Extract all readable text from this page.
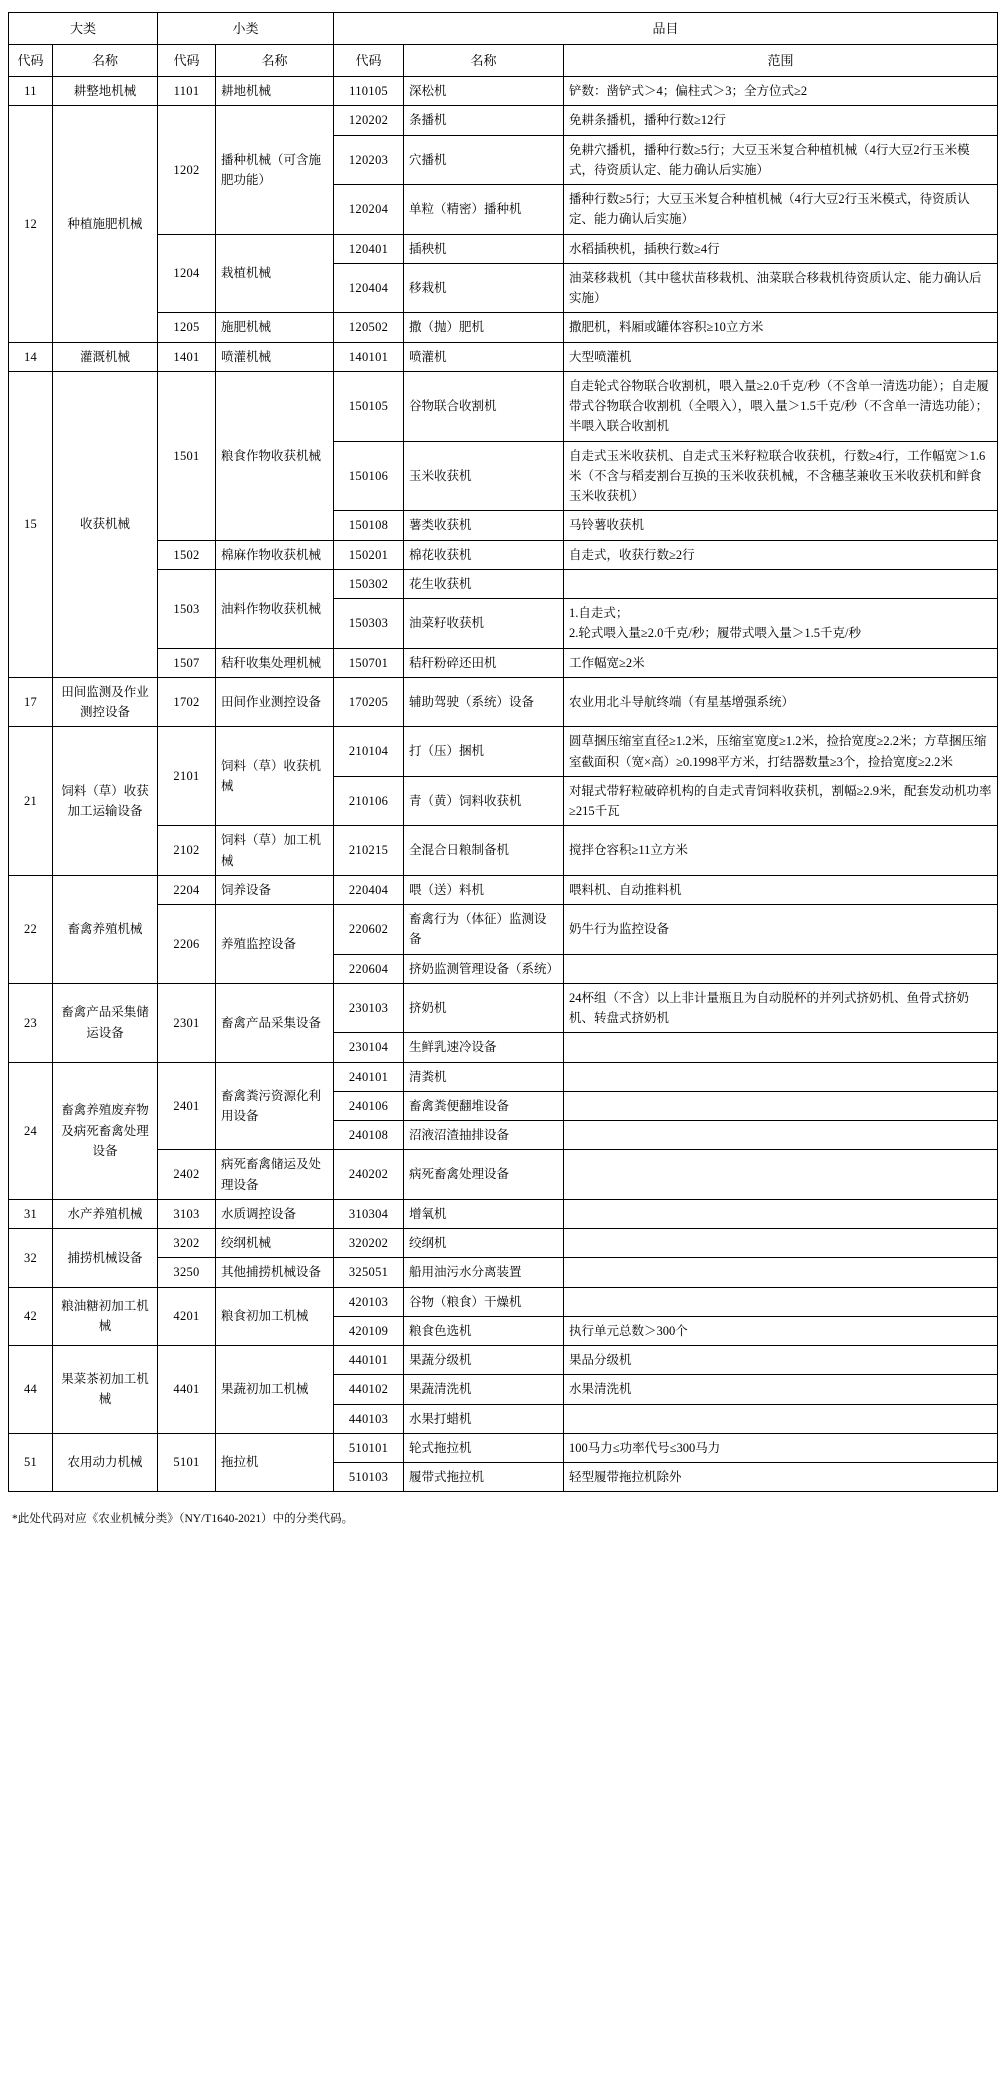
大类		小类		品目		
代码	名称	代码	名称	代码	名称	范围
11	耕整地机械	1101	耕地机械	110105	深松机	铲数：凿铲式＞4；偏柱式＞3；全方位式≥2
12	种植施肥机械	1202	播种机械（可含施肥功能）	120202	条播机	免耕条播机，播种行数≥12行
				120203	穴播机	免耕穴播机，播种行数≥5行；大豆玉米复合种植机械（4行大豆2行玉米模式，待资质认定、能力确认后实施）
				120204	单粒（精密）播种机	播种行数≥5行；大豆玉米复合种植机械（4行大豆2行玉米模式，待资质认定、能力确认后实施）
		1204	栽植机械	120401	插秧机	水稻插秧机，插秧行数≥4行
				120404	移栽机	油菜移栽机（其中毯状苗移栽机、油菜联合移栽机待资质认定、能力确认后实施）
		1205	施肥机械	120502	撒（抛）肥机	撒肥机，料厢或罐体容积≥10立方米
14	灌溉机械	1401	喷灌机械	140101	喷灌机	大型喷灌机
15	收获机械	1501	粮食作物收获机械	150105	谷物联合收割机	自走轮式谷物联合收割机，喂入量≥2.0千克/秒（不含单一清选功能）；自走履带式谷物联合收割机（全喂入），喂入量＞1.5千克/秒（不含单一清选功能）；半喂入联合收割机
				150106	玉米收获机	自走式玉米收获机、自走式玉米籽粒联合收获机，行数≥4行，工作幅宽＞1.6米（不含与稻麦割台互换的玉米收获机械，不含穗茎兼收玉米收获机和鲜食玉米收获机）
				150108	薯类收获机	马铃薯收获机
		1502	棉麻作物收获机械	150201	棉花收获机	自走式，收获行数≥2行
		1503	油料作物收获机械	150302	花生收获机	
				150303	油菜籽收获机	1.自走式；
2.轮式喂入量≥2.0千克/秒；履带式喂入量＞1.5千克/秒
		1507	秸秆收集处理机械	150701	秸秆粉碎还田机	工作幅宽≥2米
17	田间监测及作业测控设备	1702	田间作业测控设备	170205	辅助驾驶（系统）设备	农业用北斗导航终端（有星基增强系统）
21	饲料（草）收获加工运输设备	2101	饲料（草）收获机械	210104	打（压）捆机	圆草捆压缩室直径≥1.2米，压缩室宽度≥1.2米，捡拾宽度≥2.2米；方草捆压缩室截面积（宽×高）≥0.1998平方米，打结器数量≥3个，捡拾宽度≥2.2米
				210106	青（黄）饲料收获机	对辊式带籽粒破碎机构的自走式青饲料收获机，割幅≥2.9米，配套发动机功率≥215千瓦
		2102	饲料（草）加工机械	210215	全混合日粮制备机	搅拌仓容积≥11立方米
22	畜禽养殖机械	2204	饲养设备	220404	喂（送）料机	喂料机、自动推料机
		2206	养殖监控设备	220602	畜禽行为（体征）监测设备	奶牛行为监控设备
				220604	挤奶监测管理设备（系统）	
23	畜禽产品采集储运设备	2301	畜禽产品采集设备	230103	挤奶机	24杯组（不含）以上非计量瓶且为自动脱杯的并列式挤奶机、鱼骨式挤奶机、转盘式挤奶机
				230104	生鲜乳速冷设备	
24	畜禽养殖废弃物及病死畜禽处理设备	2401	畜禽粪污资源化利用设备	240101	清粪机	
				240106	畜禽粪便翻堆设备	
				240108	沼液沼渣抽排设备	
		2402	病死畜禽储运及处理设备	240202	病死畜禽处理设备	
31	水产养殖机械	3103	水质调控设备	310304	增氧机	
32	捕捞机械设备	3202	绞纲机械	320202	绞纲机	
		3250	其他捕捞机械设备	325051	船用油污水分离装置	
42	粮油糖初加工机械	4201	粮食初加工机械	420103	谷物（粮食）干燥机	
				420109	粮食色选机	执行单元总数＞300个
44	果菜茶初加工机械	4401	果蔬初加工机械	440101	果蔬分级机	果品分级机
				440102	果蔬清洗机	水果清洗机
				440103	水果打蜡机	
51	农用动力机械	5101	拖拉机	510101	轮式拖拉机	100马力≤功率代号≤300马力
				510103	履带式拖拉机	轻型履带拖拉机除外
*此处代码对应《农业机械分类》（NY/T1640-2021）中的分类代码。
